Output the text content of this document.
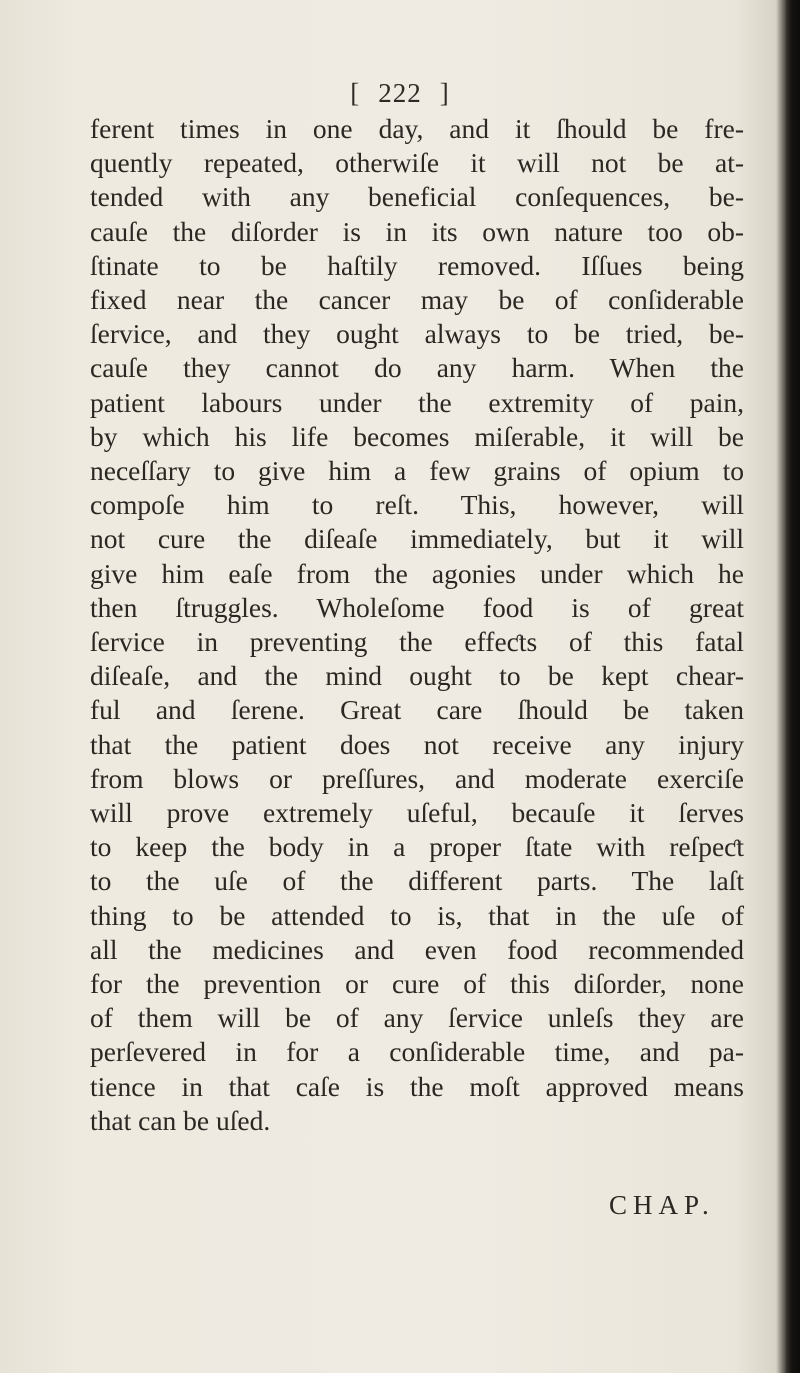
[ 222 ]
ferent times in one day, and it ſhould be fre-
quently repeated, otherwiſe it will not be at-
tended with any beneficial conſequences, be-
cauſe the diſorder is in its own nature too ob-
ſtinate to be haſtily removed. Iſſues being
fixed near the cancer may be of conſiderable
ſervice, and they ought always to be tried, be-
cauſe they cannot do any harm. When the
patient labours under the extremity of pain,
by which his life becomes miſerable, it will be
neceſſary to give him a few grains of opium to
compoſe him to reſt. This, however, will
not cure the diſeaſe immediately, but it will
give him eaſe from the agonies under which he
then ſtruggles. Wholeſome food is of great
ſervice in preventing the effeƈts of this fatal
diſeaſe, and the mind ought to be kept chear-
ful and ſerene. Great care ſhould be taken
that the patient does not receive any injury
from blows or preſſures, and moderate exerciſe
will prove extremely uſeful, becauſe it ſerves
to keep the body in a proper ſtate with reſpeƈt
to the uſe of the different parts. The laſt
thing to be attended to is, that in the uſe of
all the medicines and even food recommended
for the prevention or cure of this diſorder, none
of them will be of any ſervice unleſs they are
perſevered in for a conſiderable time, and pa-
tience in that caſe is the moſt approved means
that can be uſed.
CHAP.
